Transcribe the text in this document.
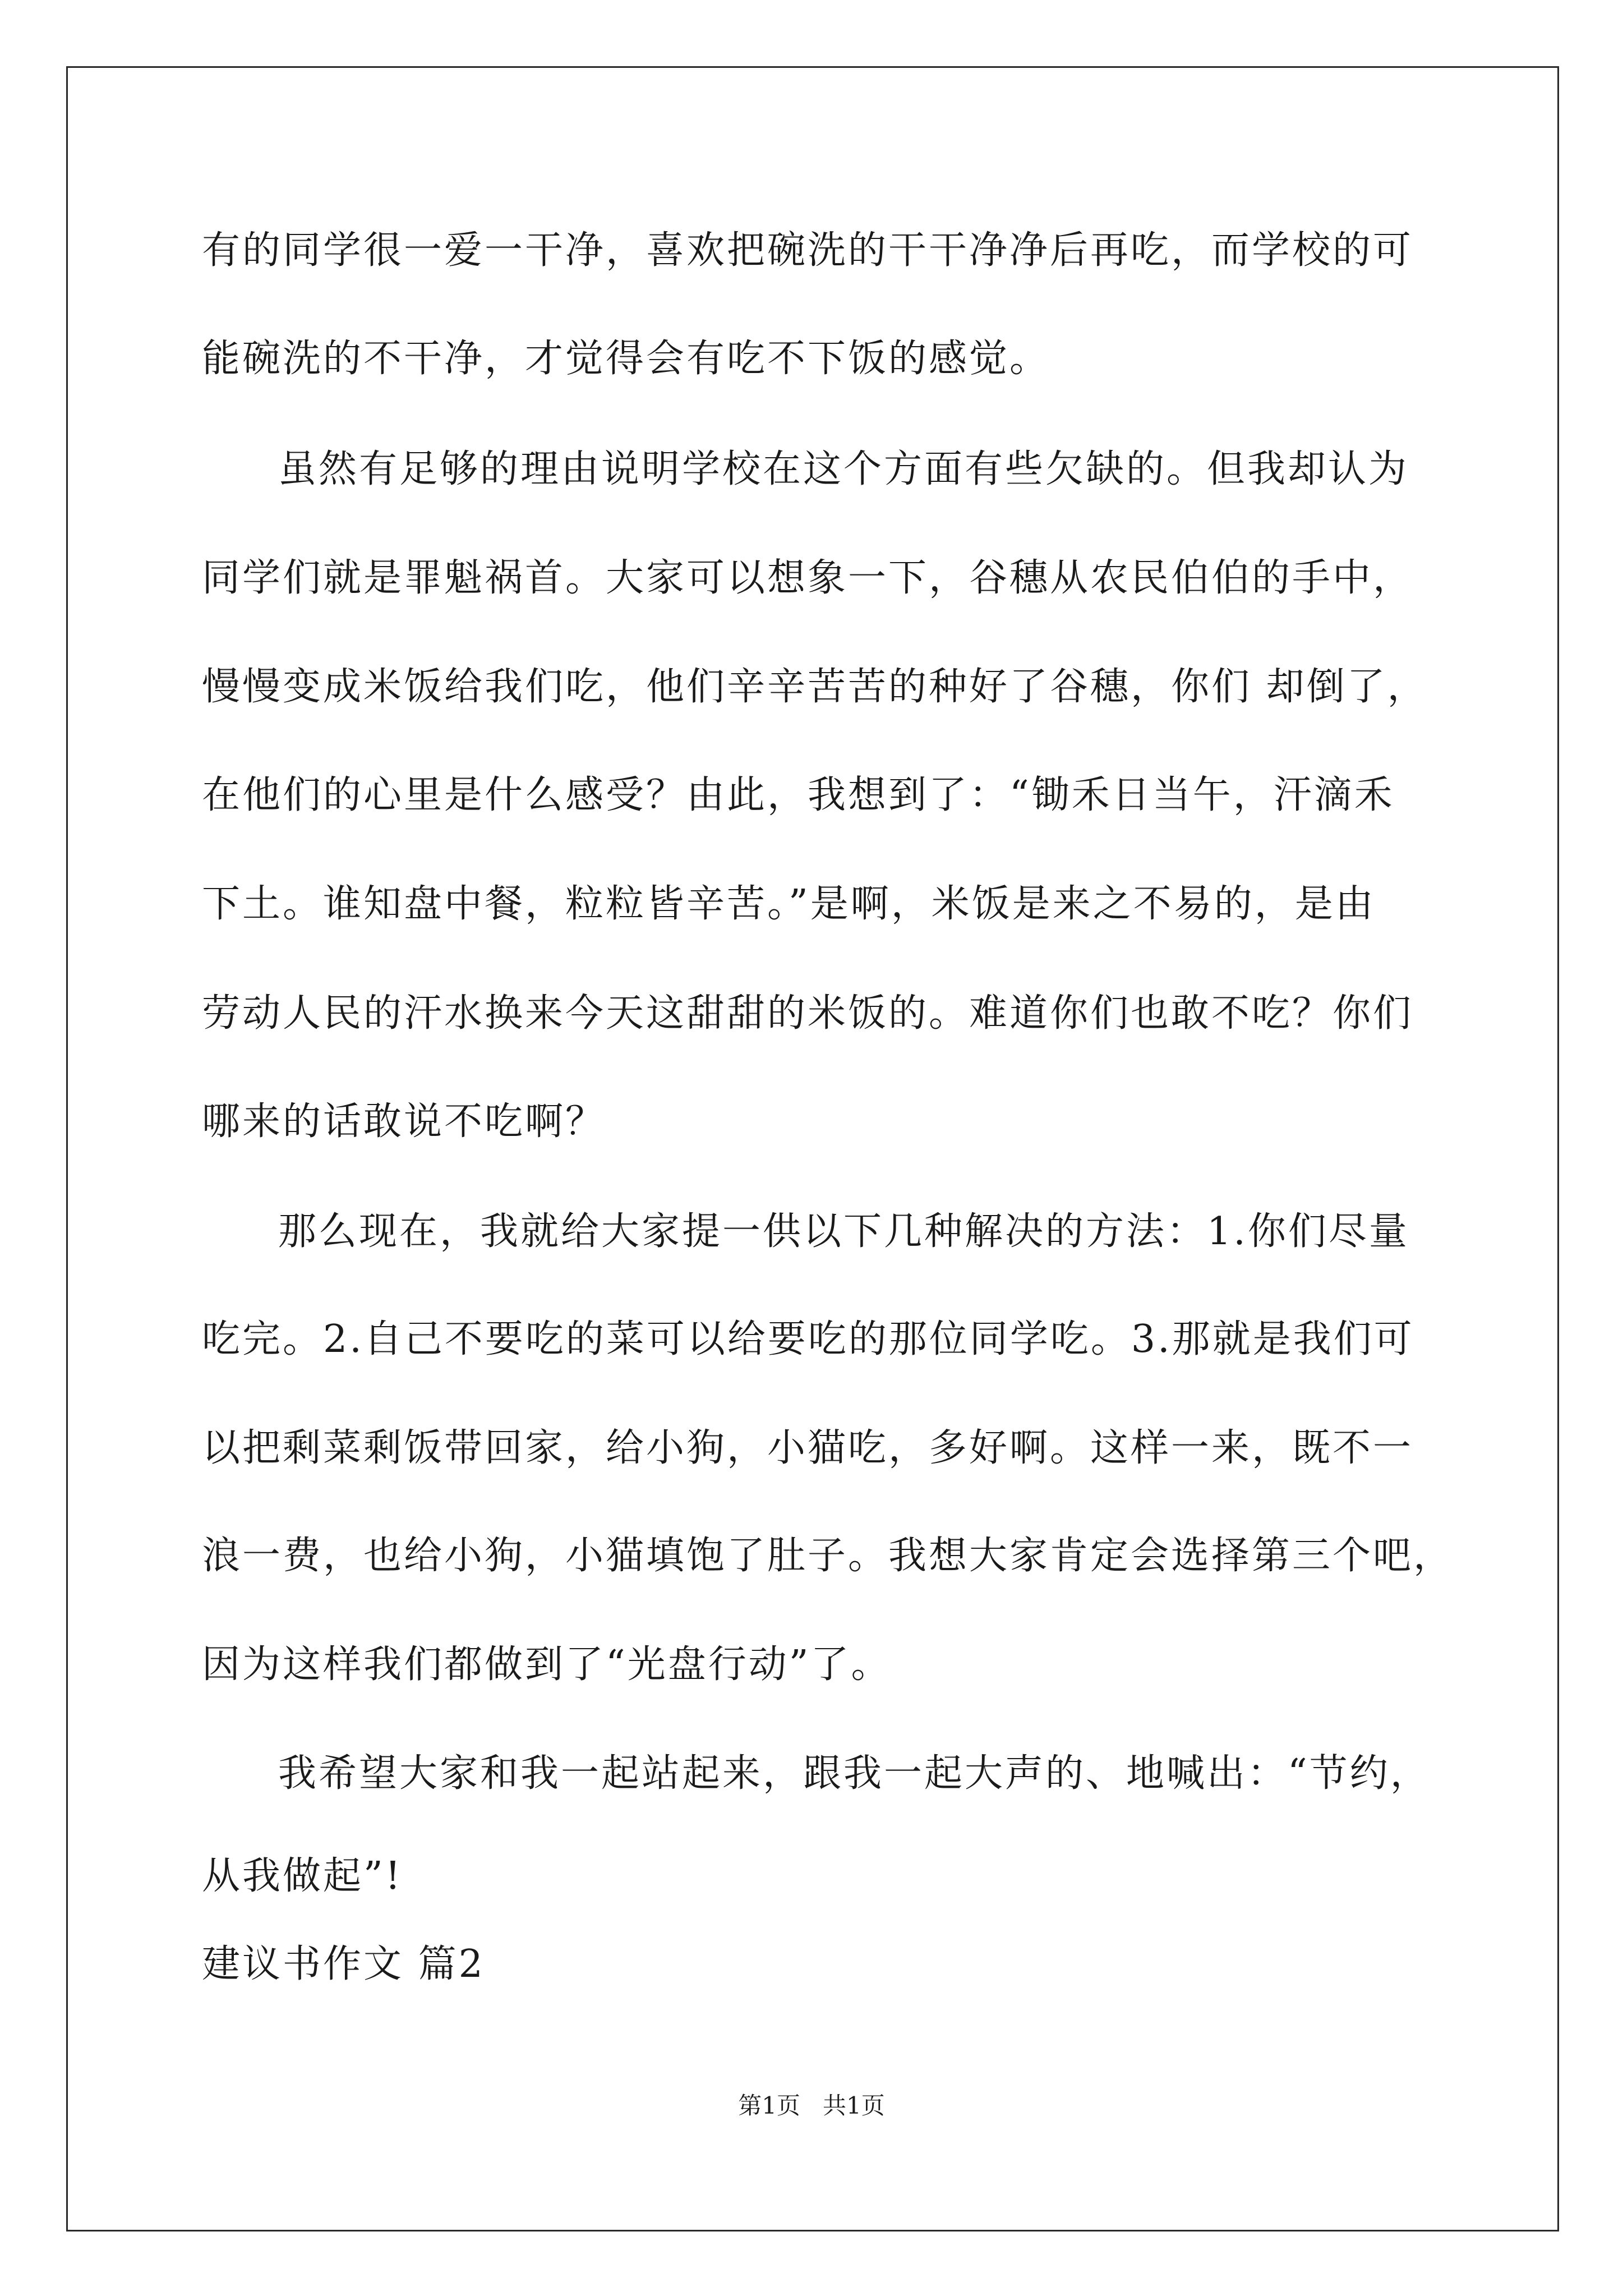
有的同学很一爱一干净，喜欢把碗洗的干干净净后再吃，而学校的可
能碗洗的不干净，才觉得会有吃不下饭的感觉。
虽然有足够的理由说明学校在这个方面有些欠缺的。但我却认为
同学们就是罪魁祸首。大家可以想象一下，谷穗从农民伯伯的手中，
慢慢变成米饭给我们吃，他们辛辛苦苦的种好了谷穗，你们 却倒了，
在他们的心里是什么感受？由此，我想到了：“锄禾日当午，汗滴禾
下土。谁知盘中餐，粒粒皆辛苦。”是啊，米饭是来之不易的，是由
劳动人民的汗水换来今天这甜甜的米饭的。难道你们也敢不吃？你们
哪来的话敢说不吃啊？
那么现在，我就给大家提一供以下几种解决的方法：1.你们尽量
吃完。2.自己不要吃的菜可以给要吃的那位同学吃。3.那就是我们可
以把剩菜剩饭带回家，给小狗，小猫吃，多好啊。这样一来，既不一
浪一费，也给小狗，小猫填饱了肚子。我想大家肯定会选择第三个吧，
因为这样我们都做到了“光盘行动”了。
我希望大家和我一起站起来，跟我一起大声的、地喊出：“节约，
从我做起”!
建议书作文 篇2
第1页   共1页
